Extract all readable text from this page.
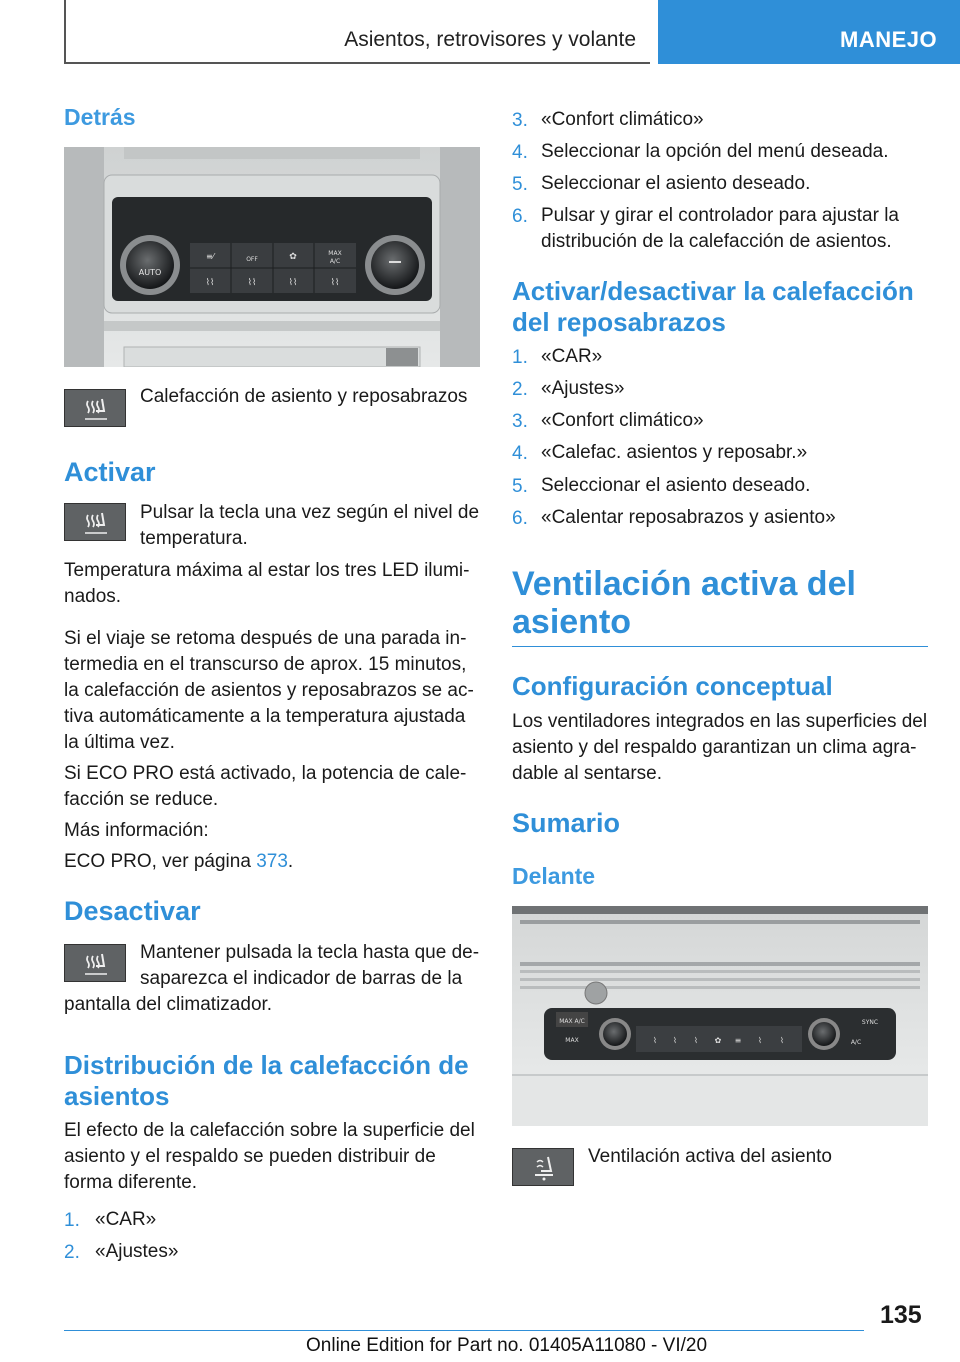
Asientos, retrovisores y volante	MANEJO
Detrás
AUTO
≡⁄	OFF	✿	MAX
A/C
⌇⌇	⌇⌇	⌇⌇	⌇⌇
Calefacción de asiento y reposabrazos
Activar
Pulsar la tecla una vez según el nivel de
temperatura.
Temperatura máxima al estar los tres LED ilumi-
nados.
Si el viaje se retoma después de una parada in-
termedia en el transcurso de aprox. 15 minutos,
la calefacción de asientos y reposabrazos se ac-
tiva automáticamente a la temperatura ajustada
la última vez.
Si ECO PRO está activado, la potencia de cale-
facción se reduce.
Más información:
ECO PRO, ver página 373.
Desactivar
Mantener pulsada la tecla hasta que de-
saparezca el indicador de barras de la
pantalla del climatizador.
Distribución de la calefacción de
asientos
El efecto de la calefacción sobre la superficie del
asiento y el respaldo se pueden distribuir de
forma diferente.
1. «CAR»
2. «Ajustes»
3. «Confort climático»
4. Seleccionar la opción del menú deseada.
5. Seleccionar el asiento deseado.
6. Pulsar y girar el controlador para ajustar la
distribución de la calefacción de asientos.
Activar/desactivar la calefacción
del reposabrazos
1. «CAR»
2. «Ajustes»
3. «Confort climático»
4. «Calefac. asientos y reposabr.»
5. Seleccionar el asiento deseado.
6. «Calentar reposabrazos y asiento»
Ventilación activa del
asiento
Configuración conceptual
Los ventiladores integrados en las superficies del
asiento y del respaldo garantizan un clima agra-
dable al sentarse.
Sumario
Delante
MAX A/C
MAX	⌇ ⌇ ⌇ ✿ ≡ ⌇ ⌇
SYNC
A/C
Ventilación activa del asiento
135
Online Edition for Part no. 01405A11080 - VI/20
